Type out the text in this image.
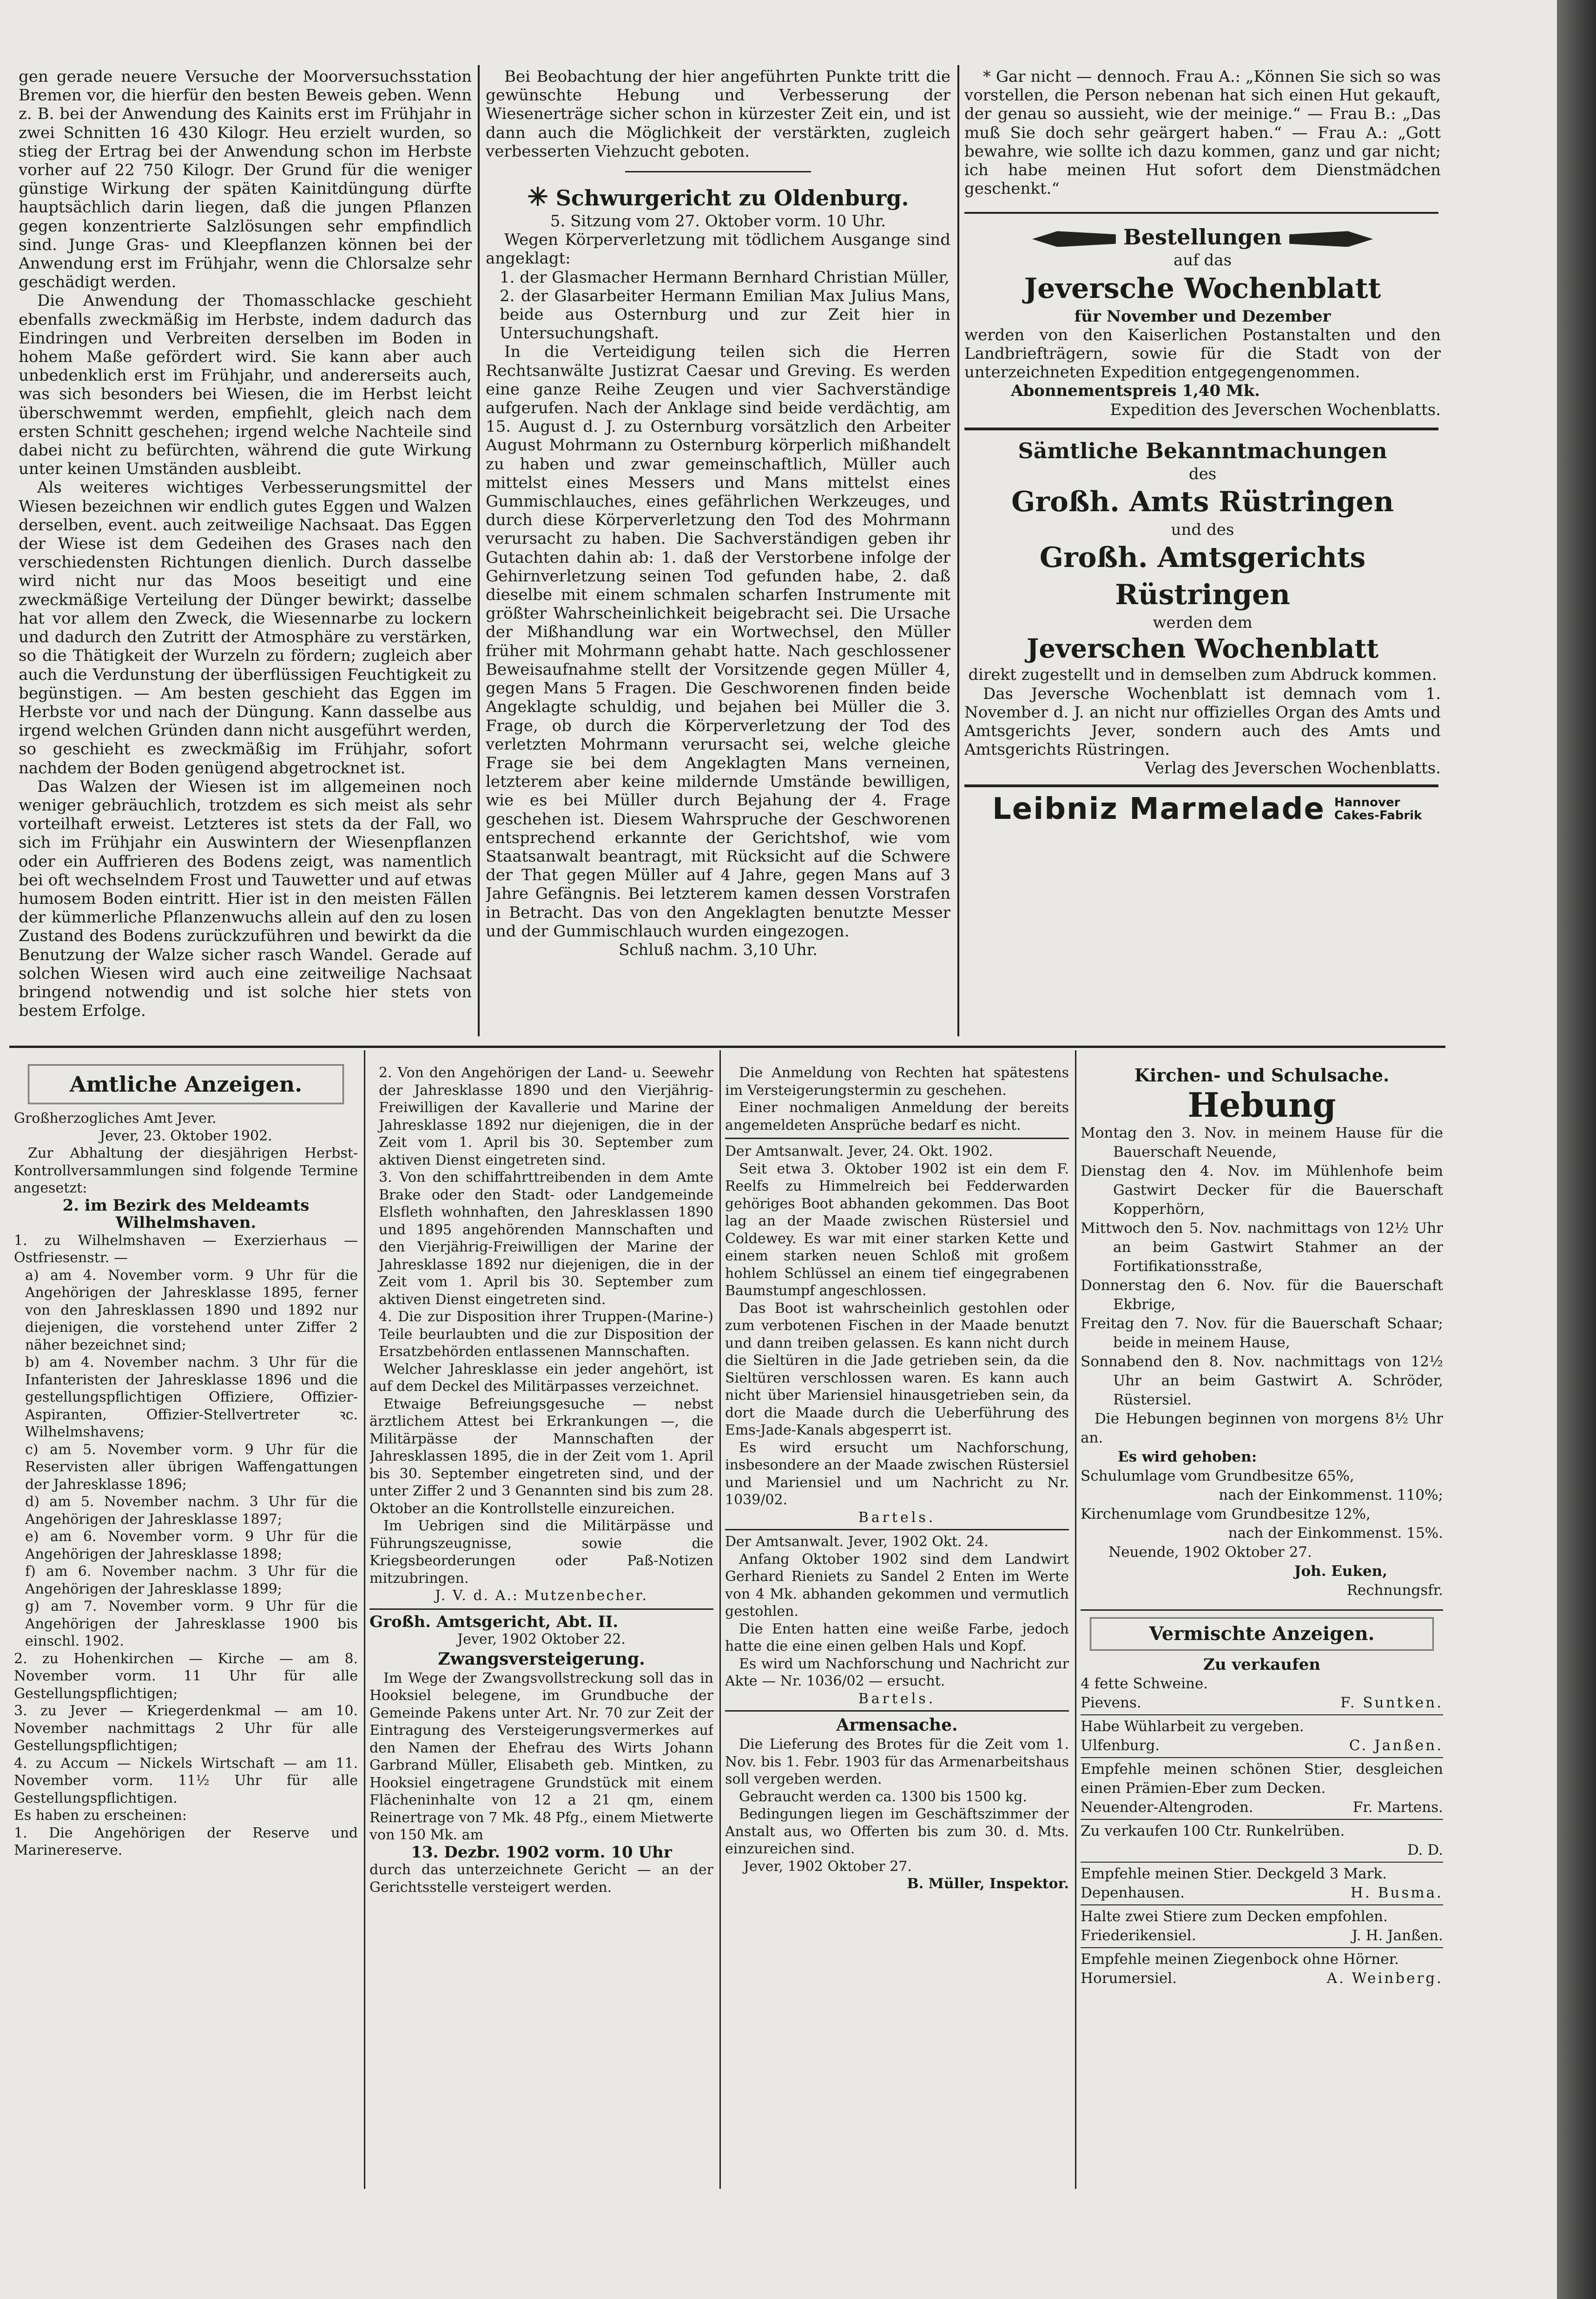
gen gerade neuere Versuche der Moorversuchsstation Bremen vor, die hierfür den besten Beweis geben. Wenn z. B. bei der Anwendung des Kainits erst im Frühjahr in zwei Schnitten 16 430 Kilogr. Heu erzielt wurden, so stieg der Ertrag bei der Anwendung schon im Herbste vorher auf 22 750 Kilogr. Der Grund für die weniger günstige Wirkung der späten Kainitdüngung dürfte hauptsächlich darin liegen, daß die jungen Pflanzen gegen konzentrierte Salzlösungen sehr empfindlich sind. Junge Gras- und Kleepflanzen können bei der Anwendung erst im Frühjahr, wenn die Chlorsalze sehr geschädigt werden.

Die Anwendung der Thomasschlacke geschieht ebenfalls zweckmäßig im Herbste, indem dadurch das Eindringen und Verbreiten derselben im Boden in hohem Maße gefördert wird. Sie kann aber auch unbedenklich erst im Frühjahr, und andererseits auch, was sich besonders bei Wiesen, die im Herbst leicht überschwemmt werden, empfiehlt, gleich nach dem ersten Schnitt geschehen; irgend welche Nachteile sind dabei nicht zu befürchten, während die gute Wirkung unter keinen Umständen ausbleibt.

Als weiteres wichtiges Verbesserungsmittel der Wiesen bezeichnen wir endlich gutes Eggen und Walzen derselben, event. auch zeitweilige Nachsaat. Das Eggen der Wiese ist dem Gedeihen des Grases nach den verschiedensten Richtungen dienlich. Durch dasselbe wird nicht nur das Moos beseitigt und eine zweckmäßige Verteilung der Dünger bewirkt; dasselbe hat vor allem den Zweck, die Wiesennarbe zu lockern und dadurch den Zutritt der Atmosphäre zu verstärken, so die Thätigkeit der Wurzeln zu fördern; zugleich aber auch die Verdunstung der überflüssigen Feuchtigkeit zu begünstigen. — Am besten geschieht das Eggen im Herbste vor und nach der Düngung. Kann dasselbe aus irgend welchen Gründen dann nicht ausgeführt werden, so geschieht es zweckmäßig im Frühjahr, sofort nachdem der Boden genügend abgetrocknet ist.

Das Walzen der Wiesen ist im allgemeinen noch weniger gebräuchlich, trotzdem es sich meist als sehr vorteilhaft erweist. Letzteres ist stets da der Fall, wo sich im Frühjahr ein Auswintern der Wiesenpflanzen oder ein Auffrieren des Bodens zeigt, was namentlich bei oft wechselndem Frost und Tauwetter und auf etwas humosem Boden eintritt. Hier ist in den meisten Fällen der kümmerliche Pflanzenwuchs allein auf den zu losen Zustand des Bodens zurückzuführen und bewirkt da die Benutzung der Walze sicher rasch Wandel. Gerade auf solchen Wiesen wird auch eine zeitweilige Nachsaat bringend notwendig und ist solche hier stets von bestem Erfolge.

Bei Beobachtung der hier angeführten Punkte tritt die gewünschte Hebung und Verbesserung der Wiesenerträge sicher schon in kürzester Zeit ein, und ist dann auch die Möglichkeit der verstärkten, zugleich verbesserten Viehzucht geboten.

✳ Schwurgericht zu Oldenburg.

5. Sitzung vom 27. Oktober vorm. 10 Uhr.

Wegen Körperverletzung mit tödlichem Ausgange sind angeklagt:

1. der Glasmacher Hermann Bernhard Christian Müller,

2. der Glasarbeiter Hermann Emilian Max Julius Mans, beide aus Osternburg und zur Zeit hier in Untersuchungshaft.

In die Verteidigung teilen sich die Herren Rechtsanwälte Justizrat Caesar und Greving. Es werden eine ganze Reihe Zeugen und vier Sachverständige aufgerufen. Nach der Anklage sind beide verdächtig, am 15. August d. J. zu Osternburg vorsätzlich den Arbeiter August Mohrmann zu Osternburg körperlich mißhandelt zu haben und zwar gemeinschaftlich, Müller auch mittelst eines Messers und Mans mittelst eines Gummischlauches, eines gefährlichen Werkzeuges, und durch diese Körperverletzung den Tod des Mohrmann verursacht zu haben. Die Sachverständigen geben ihr Gutachten dahin ab: 1. daß der Verstorbene infolge der Gehirnverletzung seinen Tod gefunden habe, 2. daß dieselbe mit einem schmalen scharfen Instrumente mit größter Wahrscheinlichkeit beigebracht sei. Die Ursache der Mißhandlung war ein Wortwechsel, den Müller früher mit Mohrmann gehabt hatte. Nach geschlossener Beweisaufnahme stellt der Vorsitzende gegen Müller 4, gegen Mans 5 Fragen. Die Geschworenen finden beide Angeklagte schuldig, und bejahen bei Müller die 3. Frage, ob durch die Körperverletzung der Tod des verletzten Mohrmann verursacht sei, welche gleiche Frage sie bei dem Angeklagten Mans verneinen, letzterem aber keine mildernde Umstände bewilligen, wie es bei Müller durch Bejahung der 4. Frage geschehen ist. Diesem Wahrspruche der Geschworenen entsprechend erkannte der Gerichtshof, wie vom Staatsanwalt beantragt, mit Rücksicht auf die Schwere der That gegen Müller auf 4 Jahre, gegen Mans auf 3 Jahre Gefängnis. Bei letzterem kamen dessen Vorstrafen in Betracht. Das von den Angeklagten benutzte Messer und der Gummischlauch wurden eingezogen.

Schluß nachm. 3,10 Uhr.

* Gar nicht — dennoch. Frau A.: „Können Sie sich so was vorstellen, die Person nebenan hat sich einen Hut gekauft, der genau so aussieht, wie der meinige.“ — Frau B.: „Das muß Sie doch sehr geärgert haben.“ — Frau A.: „Gott bewahre, wie sollte ich dazu kommen, ganz und gar nicht; ich habe meinen Hut sofort dem Dienstmädchen geschenkt.“

Bestellungen

auf das

Jeversche Wochenblatt

für November und Dezember

werden von den Kaiserlichen Postanstalten und den Landbriefträgern, sowie für die Stadt von der unterzeichneten Expedition entgegengenommen.

Abonnementspreis 1,40 Mk.

Expedition des Jeverschen Wochenblatts.

Sämtliche Bekanntmachungen

des

Großh. Amts Rüstringen

und des

Großh. Amtsgerichts Rüstringen

werden dem

Jeverschen Wochenblatt

direkt zugestellt und in demselben zum Abdruck kommen.

Das Jeversche Wochenblatt ist demnach vom 1. November d. J. an nicht nur offizielles Organ des Amts und Amtsgerichts Jever, sondern auch des Amts und Amtsgerichts Rüstringen.

Verlag des Jeverschen Wochenblatts.

Leibniz Marmelade Hannover Cakes-Fabrik
Amtliche Anzeigen.

Großherzogliches Amt Jever.

Jever, 23. Oktober 1902.

Zur Abhaltung der diesjährigen Herbst-Kontrollversammlungen sind folgende Termine angesetzt:

2. im Bezirk des Meldeamts Wilhelmshaven.

1. zu Wilhelmshaven — Exerzierhaus — Ostfriesenstr. —

a) am 4. November vorm. 9 Uhr für die Angehörigen der Jahresklasse 1895, ferner von den Jahresklassen 1890 und 1892 nur diejenigen, die vorstehend unter Ziffer 2 näher bezeichnet sind;

b) am 4. November nachm. 3 Uhr für die Infanteristen der Jahresklasse 1896 und die gestellungspflichtigen Offiziere, Offizier-Aspiranten, Offizier-Stellvertreter ꝛc. Wilhelmshavens;

c) am 5. November vorm. 9 Uhr für die Reservisten aller übrigen Waffengattungen der Jahresklasse 1896;

d) am 5. November nachm. 3 Uhr für die Angehörigen der Jahresklasse 1897;

e) am 6. November vorm. 9 Uhr für die Angehörigen der Jahresklasse 1898;

f) am 6. November nachm. 3 Uhr für die Angehörigen der Jahresklasse 1899;

g) am 7. November vorm. 9 Uhr für die Angehörigen der Jahresklasse 1900 bis einschl. 1902.

2. zu Hohenkirchen — Kirche — am 8. November vorm. 11 Uhr für alle Gestellungspflichtigen;

3. zu Jever — Kriegerdenkmal — am 10. November nachmittags 2 Uhr für alle Gestellungspflichtigen;

4. zu Accum — Nickels Wirtschaft — am 11. November vorm. 11½ Uhr für alle Gestellungspflichtigen.

Es haben zu erscheinen:

1. Die Angehörigen der Reserve und Marinereserve.

2. Von den Angehörigen der Land- u. Seewehr der Jahresklasse 1890 und den Vierjährig-Freiwilligen der Kavallerie und Marine der Jahresklasse 1892 nur diejenigen, die in der Zeit vom 1. April bis 30. September zum aktiven Dienst eingetreten sind.

3. Von den schiffahrttreibenden in dem Amte Brake oder den Stadt- oder Landgemeinde Elsfleth wohnhaften, den Jahresklassen 1890 und 1895 angehörenden Mannschaften und den Vierjährig-Freiwilligen der Marine der Jahresklasse 1892 nur diejenigen, die in der Zeit vom 1. April bis 30. September zum aktiven Dienst eingetreten sind.

4. Die zur Disposition ihrer Truppen-(Marine-) Teile beurlaubten und die zur Disposition der Ersatzbehörden entlassenen Mannschaften.

Welcher Jahresklasse ein jeder angehört, ist auf dem Deckel des Militärpasses verzeichnet.

Etwaige Befreiungsgesuche — nebst ärztlichem Attest bei Erkrankungen —, die Militärpässe der Mannschaften der Jahresklassen 1895, die in der Zeit vom 1. April bis 30. September eingetreten sind, und der unter Ziffer 2 und 3 Genannten sind bis zum 28. Oktober an die Kontrollstelle einzureichen.

Im Uebrigen sind die Militärpässe und Führungszeugnisse, sowie die Kriegsbeorderungen oder Paß-Notizen mitzubringen.

J. V. d. A.: Mutzenbecher.

Großh. Amtsgericht, Abt. II.

Jever, 1902 Oktober 22.

Zwangsversteigerung.

Im Wege der Zwangsvollstreckung soll das in Hooksiel belegene, im Grundbuche der Gemeinde Pakens unter Art. Nr. 70 zur Zeit der Eintragung des Versteigerungsvermerkes auf den Namen der Ehefrau des Wirts Johann Garbrand Müller, Elisabeth geb. Mintken, zu Hooksiel eingetragene Grundstück mit einem Flächeninhalte von 12 a 21 qm, einem Reinertrage von 7 Mk. 48 Pfg., einem Mietwerte von 150 Mk. am

13. Dezbr. 1902 vorm. 10 Uhr

durch das unterzeichnete Gericht — an der Gerichtsstelle versteigert werden.

Die Anmeldung von Rechten hat spätestens im Versteigerungstermin zu geschehen.

Einer nochmaligen Anmeldung der bereits angemeldeten Ansprüche bedarf es nicht.

Der Amtsanwalt. Jever, 24. Okt. 1902.

Seit etwa 3. Oktober 1902 ist ein dem F. Reelfs zu Himmelreich bei Fedderwarden gehöriges Boot abhanden gekommen. Das Boot lag an der Maade zwischen Rüstersiel und Coldewey. Es war mit einer starken Kette und einem starken neuen Schloß mit großem hohlem Schlüssel an einem tief eingegrabenen Baumstumpf angeschlossen.

Das Boot ist wahrscheinlich gestohlen oder zum verbotenen Fischen in der Maade benutzt und dann treiben gelassen. Es kann nicht durch die Sieltüren in die Jade getrieben sein, da die Sieltüren verschlossen waren. Es kann auch nicht über Mariensiel hinausgetrieben sein, da dort die Maade durch die Ueberführung des Ems-Jade-Kanals abgesperrt ist.

Es wird ersucht um Nachforschung, insbesondere an der Maade zwischen Rüstersiel und Mariensiel und um Nachricht zu Nr. 1039/02.

Bartels.

Der Amtsanwalt. Jever, 1902 Okt. 24.

Anfang Oktober 1902 sind dem Landwirt Gerhard Rieniets zu Sandel 2 Enten im Werte von 4 Mk. abhanden gekommen und vermutlich gestohlen.

Die Enten hatten eine weiße Farbe, jedoch hatte die eine einen gelben Hals und Kopf.

Es wird um Nachforschung und Nachricht zur Akte — Nr. 1036/02 — ersucht.

Bartels.

Armensache.

Die Lieferung des Brotes für die Zeit vom 1. Nov. bis 1. Febr. 1903 für das Armenarbeitshaus soll vergeben werden.

Gebraucht werden ca. 1300 bis 1500 kg.

Bedingungen liegen im Geschäftszimmer der Anstalt aus, wo Offerten bis zum 30. d. Mts. einzureichen sind.

Jever, 1902 Oktober 27.

B. Müller, Inspektor.

Kirchen- und Schulsache.

Hebung

Montag den 3. Nov. in meinem Hause für die Bauerschaft Neuende,

Dienstag den 4. Nov. im Mühlenhofe beim Gastwirt Decker für die Bauerschaft Kopperhörn,

Mittwoch den 5. Nov. nachmittags von 12½ Uhr an beim Gastwirt Stahmer an der Fortifikationsstraße,

Donnerstag den 6. Nov. für die Bauerschaft Ekbrige,

Freitag den 7. Nov. für die Bauerschaft Schaar; beide in meinem Hause,

Sonnabend den 8. Nov. nachmittags von 12½ Uhr an beim Gastwirt A. Schröder, Rüstersiel.

Die Hebungen beginnen von morgens 8½ Uhr an.

Es wird gehoben:

Schulumlage vom Grundbesitze 65%,

nach der Einkommenst. 110%;

Kirchenumlage vom Grundbesitze 12%,

nach der Einkommenst. 15%.

Neuende, 1902 Oktober 27.

Joh. Euken,

Rechnungsfr.

Vermischte Anzeigen.

Zu verkaufen

4 fette Schweine.

Pievens.	F. Suntken.

Habe Wühlarbeit zu vergeben.

Ulfenburg.	C. Janßen.

Empfehle meinen schönen Stier, desgleichen einen Prämien-Eber zum Decken.

Neuender-Altengroden.	Fr. Martens.

Zu verkaufen 100 Ctr. Runkelrüben.

D. D.

Empfehle meinen Stier. Deckgeld 3 Mark.

Depenhausen.	H. Busma.

Halte zwei Stiere zum Decken empfohlen.

Friederikensiel.	J. H. Janßen.

Empfehle meinen Ziegenbock ohne Hörner.

Horumersiel.	A. Weinberg.
